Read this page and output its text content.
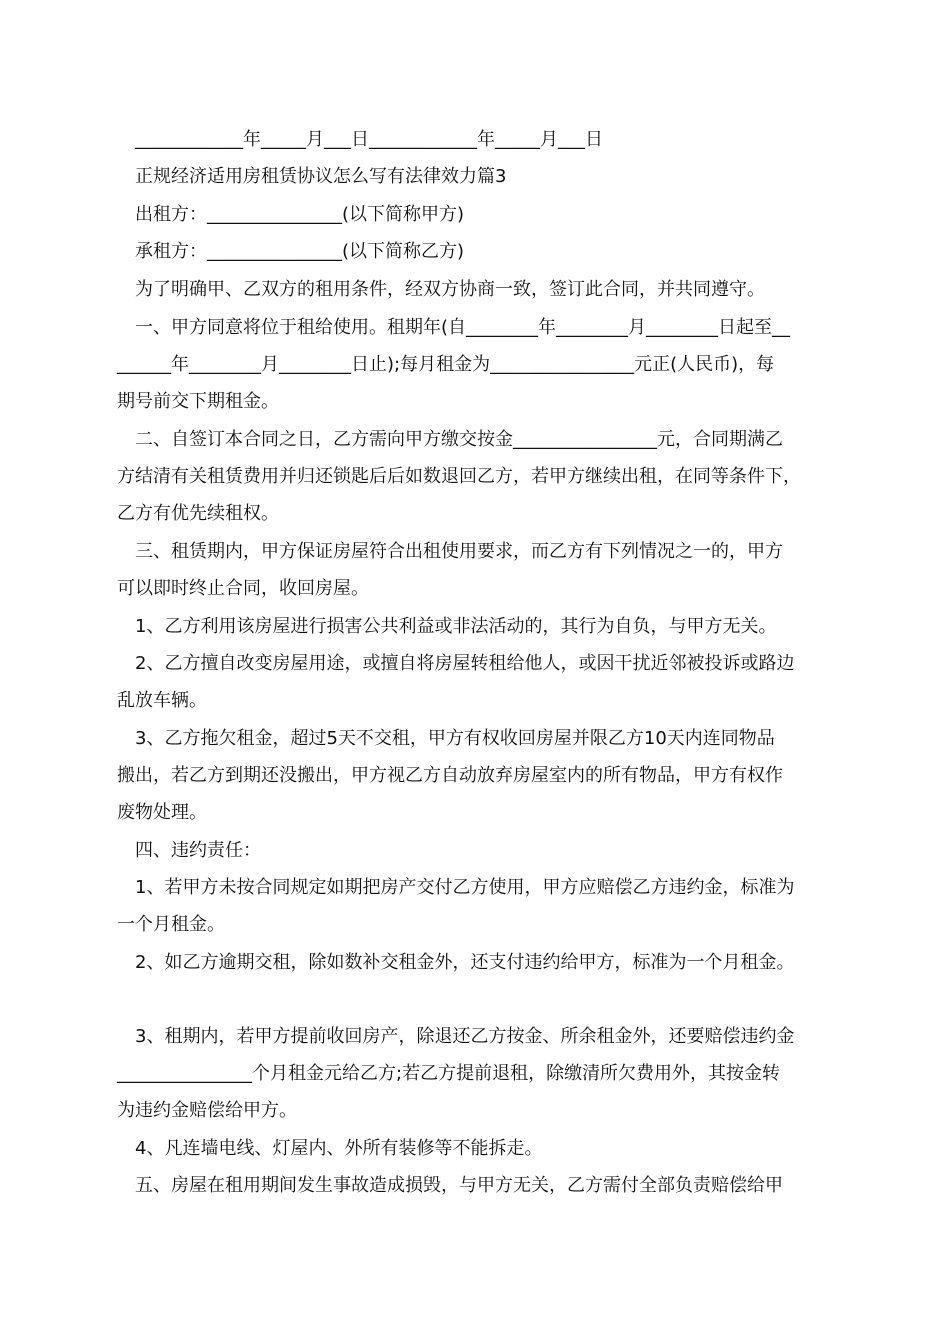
____________年_____月___日____________年_____月___日
正规经济适用房租赁协议怎么写有法律效力篇3
出租方：_______________(以下简称甲方)
承租方：_______________(以下简称乙方)
为了明确甲、乙双方的租用条件，经双方协商一致，签订此合同，并共同遵守。
一、甲方同意将位于租给使用。租期年(自________年________月________日起至__
______年________月________日止);每月租金为________________元正(人民币)，每
期号前交下期租金。
二、自签订本合同之日，乙方需向甲方缴交按金________________元，合同期满乙
方结清有关租赁费用并归还锁匙后后如数退回乙方，若甲方继续出租，在同等条件下，
乙方有优先续租权。
三、租赁期内，甲方保证房屋符合出租使用要求，而乙方有下列情况之一的，甲方
可以即时终止合同，收回房屋。
1、乙方利用该房屋进行损害公共利益或非法活动的，其行为自负，与甲方无关。
2、乙方擅自改变房屋用途，或擅自将房屋转租给他人，或因干扰近邻被投诉或路边
乱放车辆。
3、乙方拖欠租金，超过5天不交租，甲方有权收回房屋并限乙方10天内连同物品
搬出，若乙方到期还没搬出，甲方视乙方自动放弃房屋室内的所有物品，甲方有权作
废物处理。
四、违约责任：
1、若甲方未按合同规定如期把房产交付乙方使用，甲方应赔偿乙方违约金，标准为
一个月租金。
2、如乙方逾期交租，除如数补交租金外，还支付违约给甲方，标准为一个月租金。
3、租期内，若甲方提前收回房产，除退还乙方按金、所余租金外，还要赔偿违约金
_______________个月租金元给乙方;若乙方提前退租，除缴清所欠费用外，其按金转
为违约金赔偿给甲方。
4、凡连墙电线、灯屋内、外所有装修等不能拆走。
五、房屋在租用期间发生事故造成损毁，与甲方无关，乙方需付全部负责赔偿给甲
